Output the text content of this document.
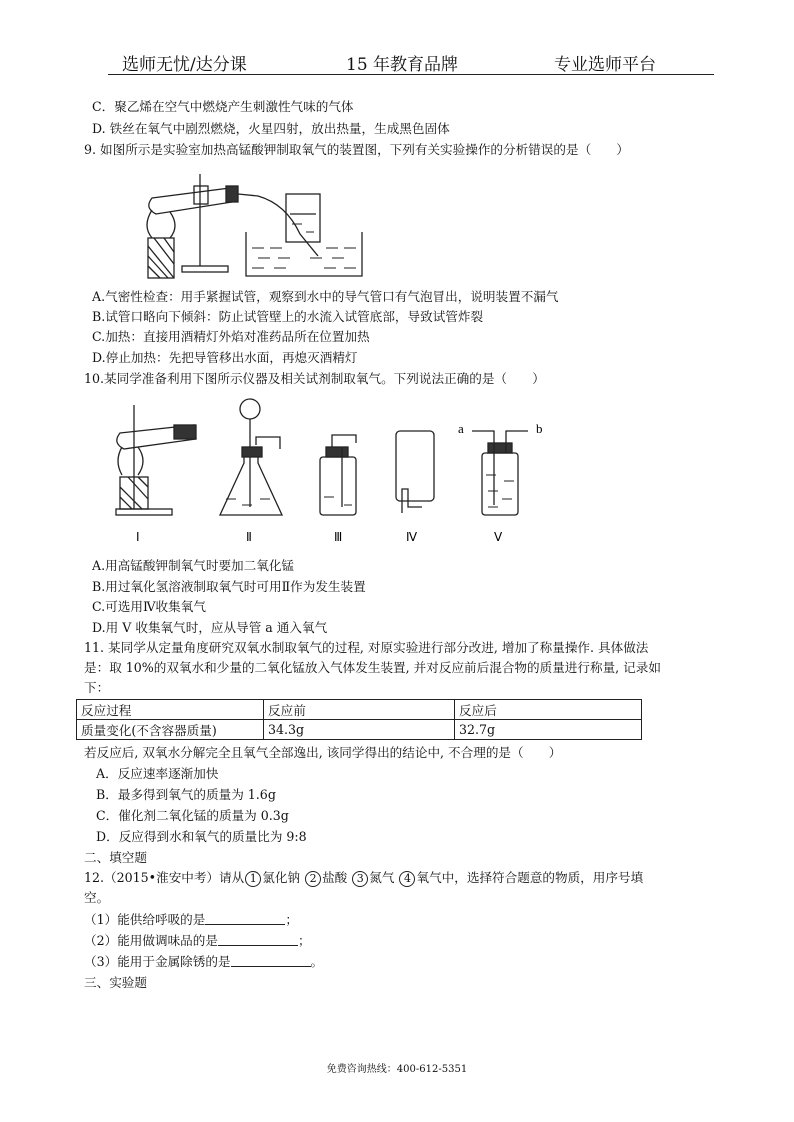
选师无忧/达分课	15 年教育品牌	专业选师平台
C．聚乙烯在空气中燃烧产生刺激性气味的气体
D. 铁丝在氧气中剧烈燃烧，火星四射，放出热量，生成黑色固体
9. 如图所示是实验室加热高锰酸钾制取氧气的装置图，下列有关实验操作的分析错误的是（　　）
A.气密性检查：用手紧握试管，观察到水中的导气管口有气泡冒出，说明装置不漏气
B.试管口略向下倾斜：防止试管壁上的水流入试管底部，导致试管炸裂
C.加热：直接用酒精灯外焰对准药品所在位置加热
D.停止加热：先把导管移出水面，再熄灭酒精灯
10.某同学准备利用下图所示仪器及相关试剂制取氧气。下列说法正确的是（　　）
a	b
Ⅰ	Ⅱ	Ⅲ	Ⅳ	Ⅴ
A.用高锰酸钾制氧气时要加二氧化锰
B.用过氧化氢溶液制取氧气时可用Ⅱ作为发生装置
C.可选用Ⅳ收集氧气
D.用 V 收集氧气时，应从导管 a 通入氧气
11. 某同学从定量角度研究双氧水制取氧气的过程, 对原实验进行部分改进, 增加了称量操作. 具体做法
是：取 10%的双氧水和少量的二氧化锰放入气体发生装置, 并对反应前后混合物的质量进行称量, 记录如
下：
反应过程	反应前	反应后
质量变化(不含容器质量)	34.3g	32.7g
若反应后, 双氧水分解完全且氧气全部逸出, 该同学得出的结论中, 不合理的是（　　）
A．反应速率逐渐加快
B．最多得到氧气的质量为 1.6g
C．催化剂二氧化锰的质量为 0.3g
D．反应得到水和氧气的质量比为 9:8
二、填空题
12.（2015•淮安中考）请从 1 氯化钠 2 盐酸 3 氮气 4 氧气中，选择符合题意的物质，用序号填
空。
（1）能供给呼吸的是	；
（2）能用做调味品的是	；
（3）能用于金属除锈的是	。
三、实验题
免费咨询热线：400-612-5351
